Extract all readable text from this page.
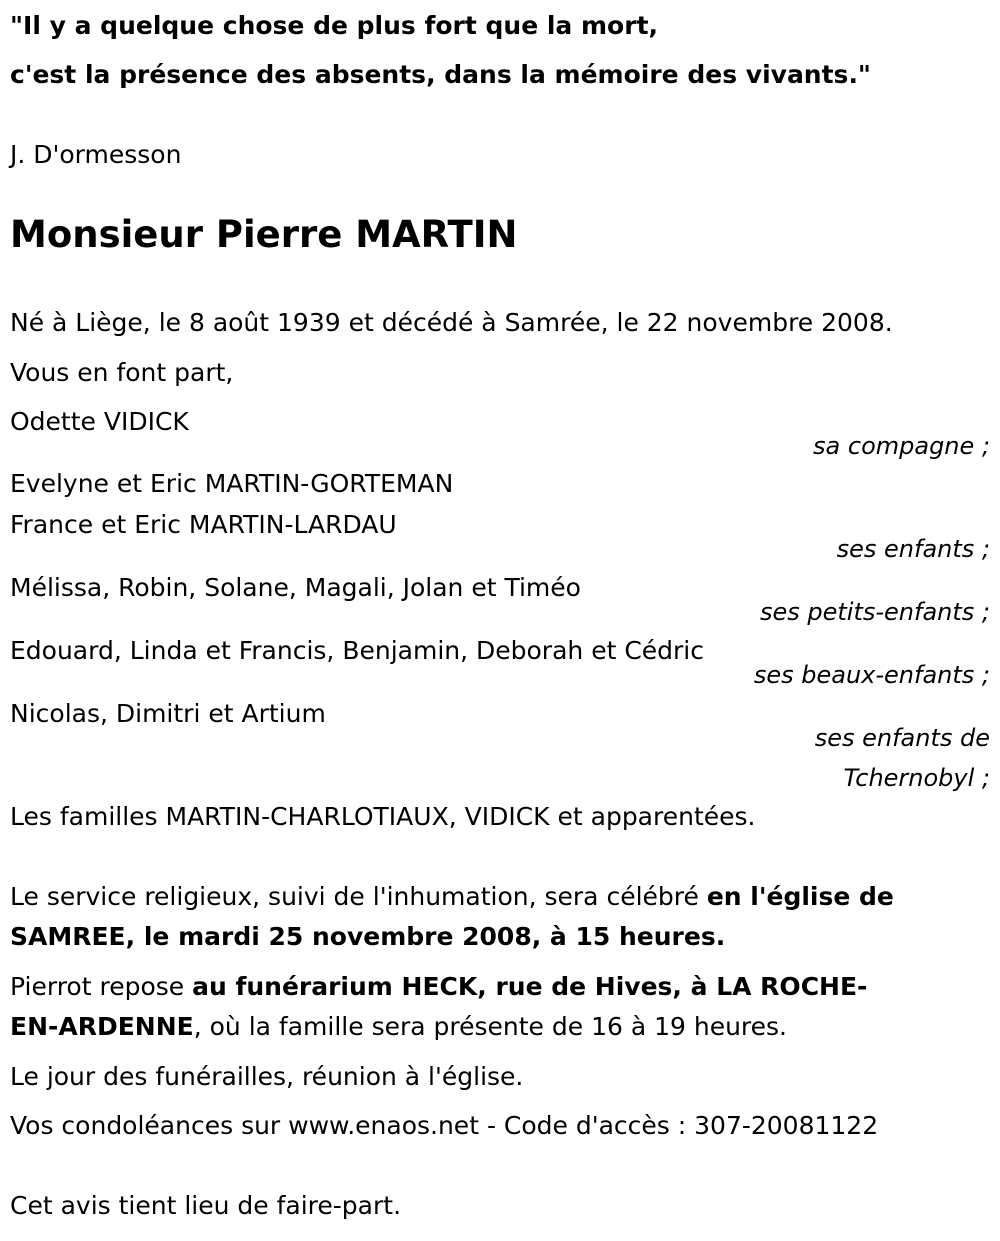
"Il y a quelque chose de plus fort que la mort,
c'est la présence des absents, dans la mémoire des vivants."
J. D'ormesson
Monsieur Pierre MARTIN
Né à Liège, le 8 août 1939 et décédé à Samrée, le 22 novembre 2008.
Vous en font part,
Odette VIDICK
sa compagne ;
Evelyne et Eric MARTIN-GORTEMAN
France et Eric MARTIN-LARDAU
ses enfants ;
Mélissa, Robin, Solane, Magali, Jolan et Timéo
ses petits-enfants ;
Edouard, Linda et Francis, Benjamin, Deborah et Cédric
ses beaux-enfants ;
Nicolas, Dimitri et Artium
ses enfants de
Tchernobyl ;
Les familles MARTIN-CHARLOTIAUX, VIDICK et apparentées.
Le service religieux, suivi de l'inhumation, sera célébré en l'église de
SAMREE, le mardi 25 novembre 2008, à 15 heures.
Pierrot repose au funérarium HECK, rue de Hives, à LA ROCHE-
EN-ARDENNE, où la famille sera présente de 16 à 19 heures.
Le jour des funérailles, réunion à l'église.
Vos condoléances sur www.enaos.net - Code d'accès : 307-20081122
Cet avis tient lieu de faire-part.
